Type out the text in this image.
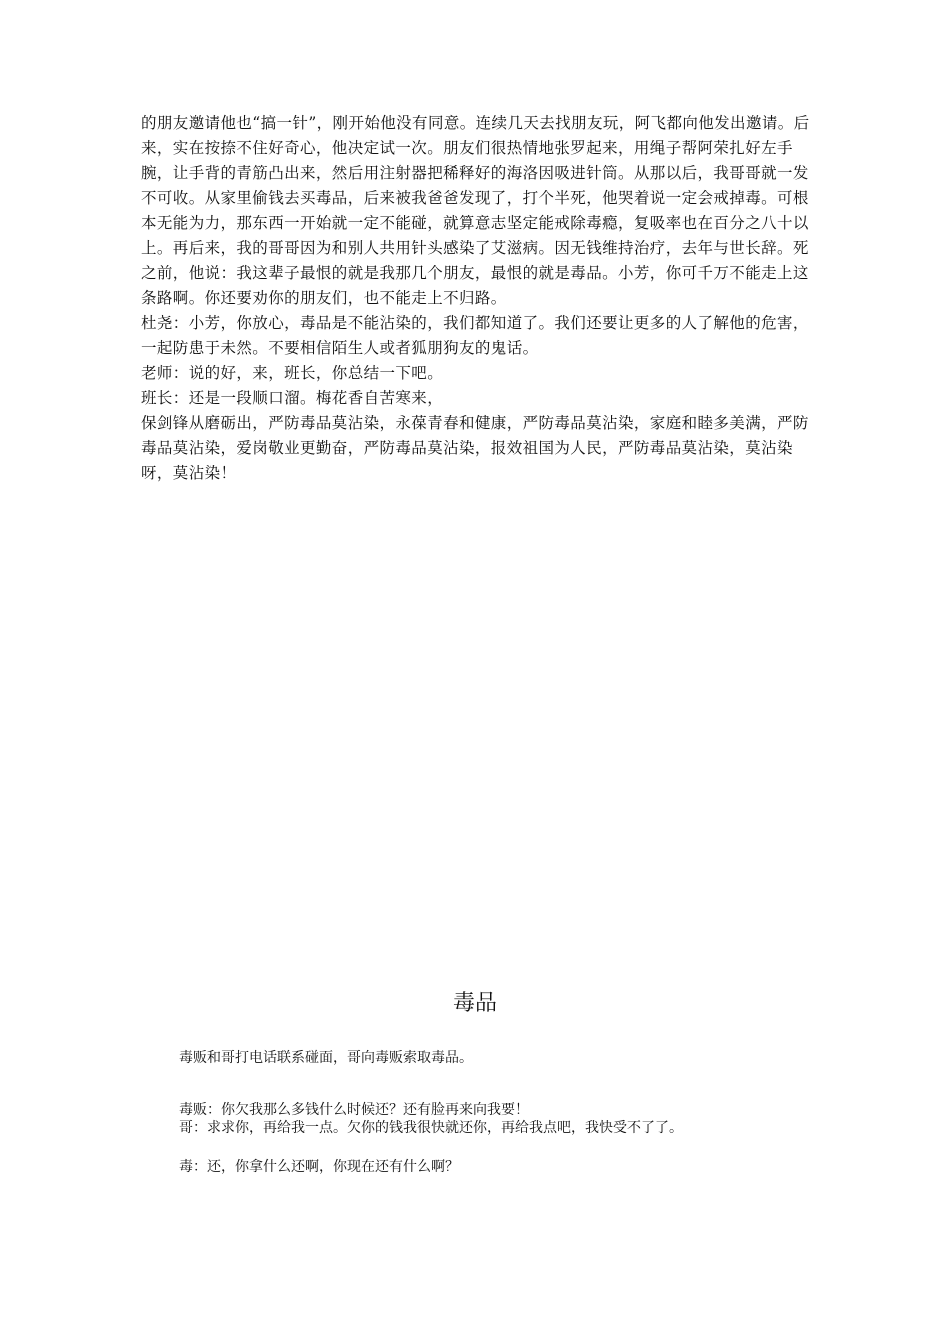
的朋友邀请他也“搞一针”，刚开始他没有同意。连续几天去找朋友玩，阿飞都向他发出邀请。后来，实在按捺不住好奇心，他决定试一次。朋友们很热情地张罗起来，用绳子帮阿荣扎好左手腕，让手背的青筋凸出来，然后用注射器把稀释好的海洛因吸进针筒。从那以后，我哥哥就一发不可收。从家里偷钱去买毒品，后来被我爸爸发现了，打个半死，他哭着说一定会戒掉毒。可根本无能为力，那东西一开始就一定不能碰，就算意志坚定能戒除毒瘾，复吸率也在百分之八十以上。再后来，我的哥哥因为和别人共用针头感染了艾滋病。因无钱维持治疗，去年与世长辞。死之前，他说：我这辈子最恨的就是我那几个朋友，最恨的就是毒品。小芳，你可千万不能走上这条路啊。你还要劝你的朋友们，也不能走上不归路。

杜尧：小芳，你放心，毒品是不能沾染的，我们都知道了。我们还要让更多的人了解他的危害，一起防患于未然。不要相信陌生人或者狐朋狗友的鬼话。

老师：说的好，来，班长，你总结一下吧。

班长：还是一段顺口溜。梅花香自苦寒来，

保剑锋从磨砺出，严防毒品莫沾染，永葆青春和健康，严防毒品莫沾染，家庭和睦多美满，严防毒品莫沾染，爱岗敬业更勤奋，严防毒品莫沾染，报效祖国为人民，严防毒品莫沾染，莫沾染呀，莫沾染！

毒品

毒贩和哥打电话联系碰面，哥向毒贩索取毒品。

毒贩：你欠我那么多钱什么时候还？还有脸再来向我要！

哥：求求你，再给我一点。欠你的钱我很快就还你，再给我点吧，我快受不了了。

毒：还，你拿什么还啊，你现在还有什么啊？
